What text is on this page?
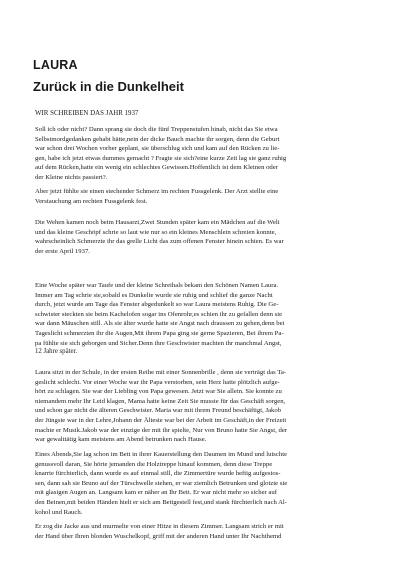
LAURA
Zurück in die Dunkelheit

WIR SCHREIBEN DAS JAHR 1937

Soll ich oder nicht? Dann sprang sie doch die fünf Treppenstufen hinab, nicht das Sie etwa
Selbstmordgedanken gehabt hätte,nein der dicke Bauch machte ihr sorgen, denn die Geburt
war schon drei Wochen vorher geplant, sie überschlug sich und kam auf den Rücken zu lie-
gen, habe ich jetzt etwas dummes gemacht ? Fragte sie sich?eine kurze Zeit lag sie ganz ruhig
auf dem Rücken,hatte ein wenig ein schlechtes Gewissen.Hoffentlich ist dem Kleinen oder
der Kleine nichts passiert?.

Aber jetzt fühlte sie einen stechender Schmerz im rechten Fussgelenk. Der Arzt stellte eine
Verstauchung am rechten Fussgelenk fest.

Die Wehen kamen noch beim Hausarzt,Zwei Stunden später kam ein Mädchen auf die Welt
und das kleine Geschöpf schrie so laut wie nur so ein kleines Menschlein schreien konnte,
wahrscheinlich Schmerzte ihr das grelle Licht das zum offenen Fenster hinein schien. Es war
der erste April 1937.

Eine Woche später war Taufe und der kleine Schreihals bekam den Schönen Namen Laura.
Immer am Tag schrie sie,sobald es Dunkelte wurde sie ruhig und schlief die ganze Nacht
durch, jetzt wurde am Tage das Fenster abgedunkelt so war Laura meistens Ruhig. Die Ge-
schwister steckten sie beim Kachelofen sogar ins Ofenrohr,es schien ihr zu gefallen denn sie
war dann Mäuschen still. Als sie älter wurde hatte sie Angst nach draussen zu gehen,denn bei
Tageslicht schmerzten ihr die Augen,Mit ihrem Papa ging sie gerne Spazieren, Bei ihrem Pa-
pa fühlte sie sich geborgen und Sicher.Denn ihre Geschwister machten ihr manchmal Angst,

12 Jahre später.

Laura sitzt in der Schule, in der ersten Reihe mit einer Sonnenbrille , denn sie verträgt das Ta-
geslicht schlecht. Vor einer Woche war ihr Papa verstorben, sein Herz hatte plötzlich aufge-
hört zu schlagen. Sie war der Liebling von Papa gewesen. Jetzt war Sie allein. Sie konnte zu
niemandem mehr Ihr Leid klagen, Mama hatte keine Zeit Sie musste für das Geschäft sorgen,
und schon gar nicht die älteren Geschwister. Maria war mit ihrem Freund beschäftigt, Jakob
der Jüngste war in der Lehre,Johann der Älteste war bei der Arbeit im Geschäft,in der Freizeit
machte er Musik.Jakob war der einzige der mit ihr spielte, Nur von Bruno hatte Sie Angst, der
war gewalttätig kam meistens am Abend betrunken nach Hause.

Eines Abends,Sie lag schon im Bett in ihrer Kauerstellung den Daumen im Mund und lutschte
genussvoll daran, Sie hörte jemanden die Holztreppe hinauf kommen, denn diese Treppe
knarrte fürchterlich, dann wurde es auf einmal still, die Zimmertüre wurde heftig aufgestos-
sen, dann sah sie Bruno auf der Türschwelle stehen, er war ziemlich Betrunken und glotzte sie
mit glasigen Augen an. Langsam kam er näher an Ihr Bett. Er war nicht mehr so sicher auf
den Beinen,mit beiden Händen hielt er sich am Bettgestell fest,und stank fürchterlich nach Al-
kohol und Rauch.

Er zog die Jacke aus und murmelte von einer Hitze in diesem Zimmer. Langsam strich er mit
der Hand über Ihren blonden Wuschelkopf, griff mit der anderen Hand unter Ihr Nachthemd
